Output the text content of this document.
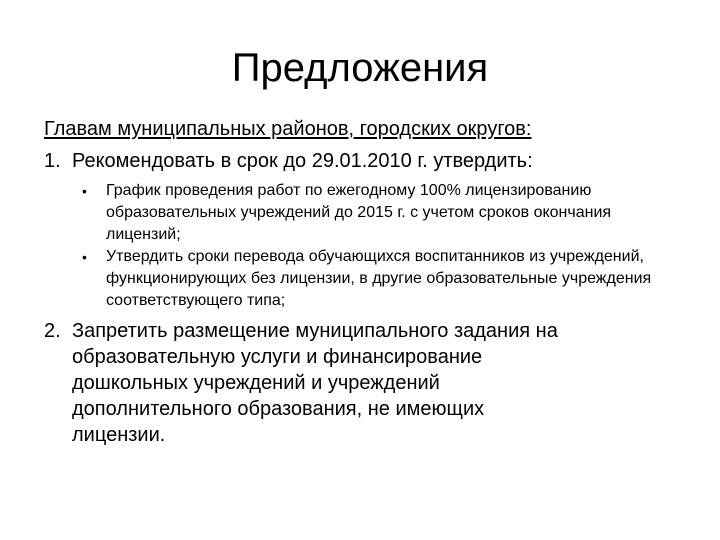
Предложения
Главам муниципальных районов, городских округов:
1. Рекомендовать в срок до 29.01.2010 г. утвердить:
• График проведения работ по ежегодному 100% лицензированию образовательных учреждений до 2015 г. с учетом сроков окончания лицензий;
• Утвердить сроки перевода обучающихся воспитанников из учреждений, функционирующих без лицензии, в другие образовательные учреждения соответствующего типа;
2. Запретить размещение муниципального задания на
образовательную услуги и финансирование
дошкольных учреждений и учреждений
дополнительного образования, не имеющих
лицензии.
